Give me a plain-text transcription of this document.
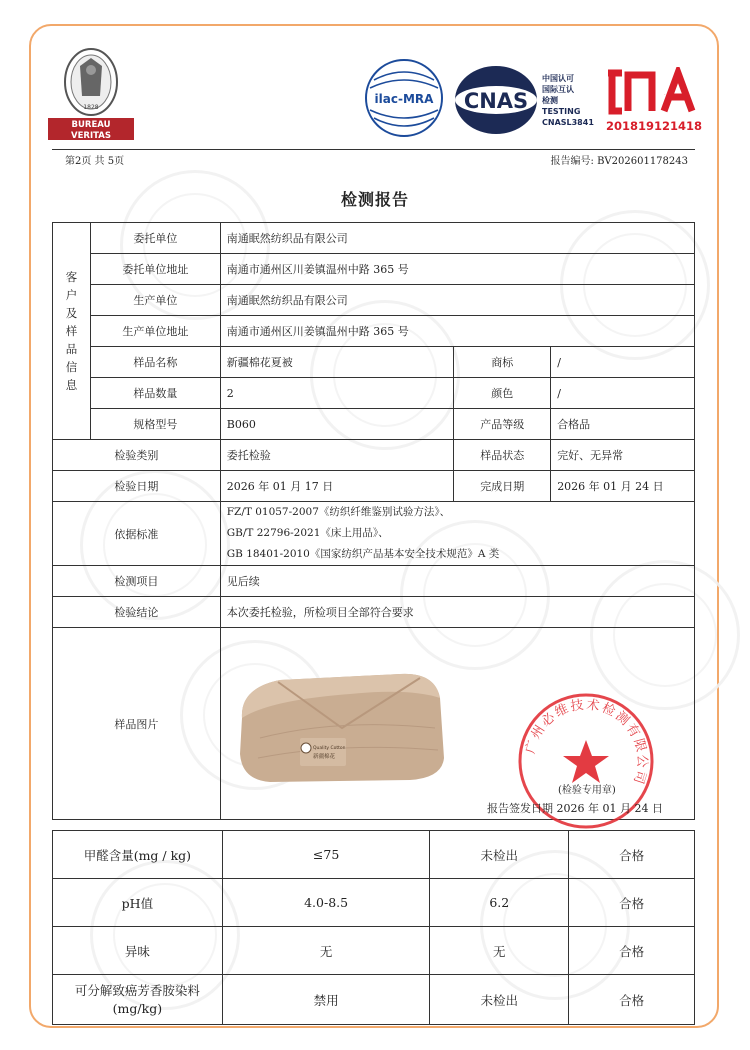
BUREAU
VERITAS
1828
ilac-MRA CNAS
中国认可
国际互认
检测
TESTING
CNASL3841
MA
201819121418
第2页 共 5页	报告编号: BV202601178243
检测报告
客户及样品信息	委托单位	南通眠然纺织品有限公司		
	委托单位地址	南通市通州区川姜镇温州中路 365 号		
	生产单位	南通眠然纺织品有限公司		
	生产单位地址	南通市通州区川姜镇温州中路 365 号		
	样品名称	新疆棉花夏被	商标	/
	样品数量	2	颜色	/
	规格型号	B060	产品等级	合格品
检验类别		委托检验	样品状态	完好、无异常
检验日期		2026 年 01 月 17 日	完成日期	2026 年 01 月 24 日
依据标准		FZ/T 01057-2007《纺织纤维鉴别试验方法》、
GB/T 22796-2021《床上用品》、
GB 18401-2010《国家纺织产品基本安全技术规范》A 类		

检测项目		见后续		
检验结论		本次委托检验，所检项目全部符合要求		
样品图片				
Quality Cotton
新疆棉花
广州必维技术检测有限公司
(检验专用章)
报告签发日期 2026 年 01 月 24 日
甲醛含量(mg / kg)	≤75	未检出	合格
pH值	4.0-8.5	6.2	合格
异味	无	无	合格

可分解致癌芳香胺染料
(mg/kg)	禁用	未检出	合格
